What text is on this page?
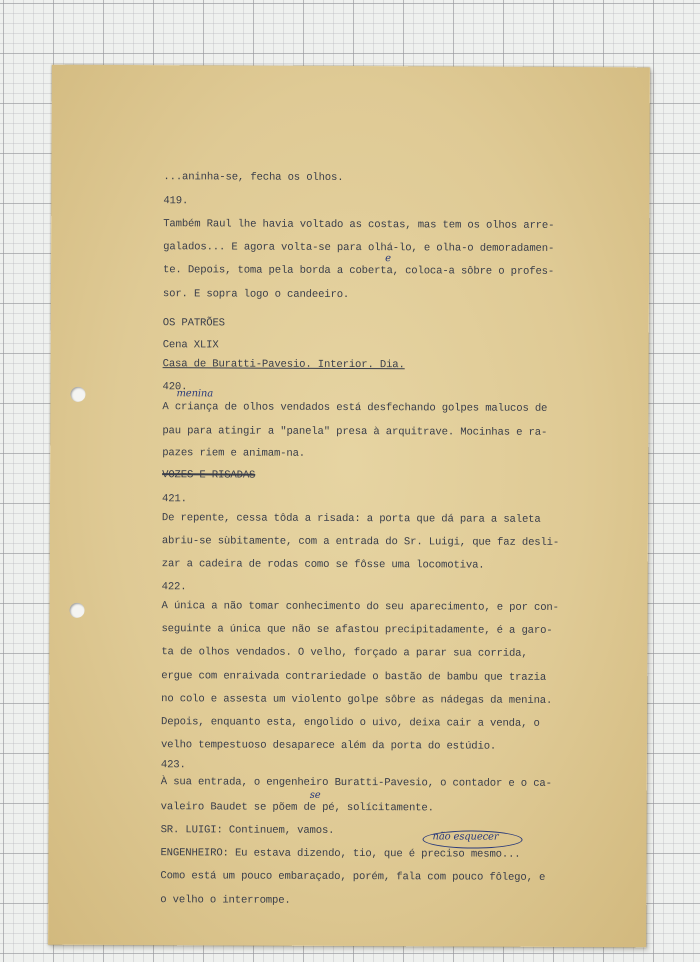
...aninha-se, fecha os olhos.
419.
Também Raul lhe havia voltado as costas, mas tem os olhos arre-
galados... E agora volta-se para olhá-lo, e olha-o demoradamen-
te. Depois, toma pela borda a coberta, coloca-a sôbre o profes-
sor. E sopra logo o candeeiro.
OS PATRÕES
Cena XLIX
Casa de Buratti-Pavesio. Interior. Dia.
420.
A criança de olhos vendados está desfechando golpes malucos de
pau para atingir a "panela" presa à arquitrave. Mocinhas e ra-
pazes riem e animam-na.
VOZES E RISADAS
421.
De repente, cessa tôda a risada: a porta que dá para a saleta
abriu-se sùbitamente, com a entrada do Sr. Luigi, que faz desli-
zar a cadeira de rodas como se fôsse uma locomotiva.
422.
A única a não tomar conhecimento do seu aparecimento, e por con-
seguinte a única que não se afastou precipitadamente, é a garo-
ta de olhos vendados. O velho, forçado a parar sua corrida,
ergue com enraivada contrariedade o bastão de bambu que trazia
no colo e assesta um violento golpe sôbre as nádegas da menina.
Depois, enquanto esta, engolido o uivo, deixa cair a venda, o
velho tempestuoso desaparece além da porta do estúdio.
423.
À sua entrada, o engenheiro Buratti-Pavesio, o contador e o ca-
valeiro Baudet se põem de pé, solícitamente.
SR. LUIGI: Continuem, vamos.
ENGENHEIRO: Eu estava dizendo, tio, que é preciso mesmo...
Como está um pouco embaraçado, porém, fala com pouco fôlego, e
o velho o interrompe.
menina
e
se
não esquecer
